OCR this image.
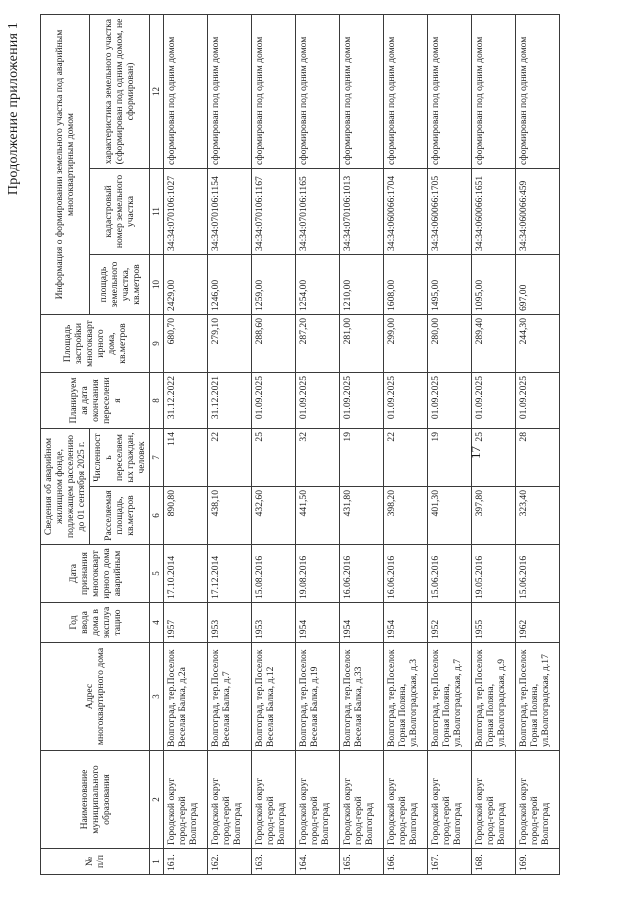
Продолжение приложения 1
№ п/п	Наименование муниципального образования	Адрес многоквартирного дома	Год ввода дома в эксплуатацию	Дата признания многоквартирного дома аварийным	Сведения об аварийном жилищном фонде, подлежащем расселению до 01 сентября 2025 г.		Планируемая дата окончания переселения	Площадь застройки многоквартирного дома, кв.метров	Информация о формировании земельного участка под аварийным многоквартирным домом		
					Расселяемая площадь, кв.метров	Численность переселяемых граждан, человек			площадь земельного участка, кв.метров	кадастровый номер земельного участка	характеристика земельного участка (сформирован под одним домом, не сформирован)
1	2	3	4	5	6	7	8	9	10	11	12
161.	Городской округ город-герой Волгоград	Волгоград, тер.Поселок Веселая Балка, д.2а	1957	17.10.2014	890,80	114	31.12.2022	680,70	2429,00	34:34:070106:1027	сформирован под одним домом
162.	Городской округ город-герой Волгоград	Волгоград, тер.Поселок Веселая Балка, д.7	1953	17.12.2014	438,10	22	31.12.2021	279,10	1246,00	34:34:070106:1154	сформирован под одним домом
163.	Городской округ город-герой Волгоград	Волгоград, тер.Поселок Веселая Балка, д.12	1953	15.08.2016	432,60	25	01.09.2025	288,60	1259,00	34:34:070106:1167	сформирован под одним домом
164.	Городской округ город-герой Волгоград	Волгоград, тер.Поселок Веселая Балка, д.19	1954	19.08.2016	441,50	32	01.09.2025	287,20	1254,00	34:34:070106:1165	сформирован под одним домом
165.	Городской округ город-герой Волгоград	Волгоград, тер.Поселок Веселая Балка, д.33	1954	16.06.2016	431,80	19	01.09.2025	281,00	1210,00	34:34:070106:1013	сформирован под одним домом
166.	Городской округ город-герой Волгоград	Волгоград, тер.Поселок Горная Поляна, ул.Волгоградская, д.3	1954	16.06.2016	398,20	22	01.09.2025	299,00	1608,00	34:34:060066:1704	сформирован под одним домом
167.	Городской округ город-герой Волгоград	Волгоград, тер.Поселок Горная Поляна, ул.Волгоградская, д.7	1952	15.06.2016	401,30	19	01.09.2025	280,00	1495,00	34:34:060066:1705	сформирован под одним домом
168.	Городской округ город-герой Волгоград	Волгоград, тер.Поселок Горная Поляна, ул.Волгоградская, д.9	1955	19.05.2016	397,80	25	01.09.2025	289,40	1095,00	34:34:060066:1651	сформирован под одним домом
169.	Городской округ город-герой Волгоград	Волгоград, тер.Поселок Горная Поляна, ул.Волгоградская, д.17	1962	15.06.2016	323,40	28	01.09.2025	244,30	697,00	34:34:060066:459	сформирован под одним домом
17
